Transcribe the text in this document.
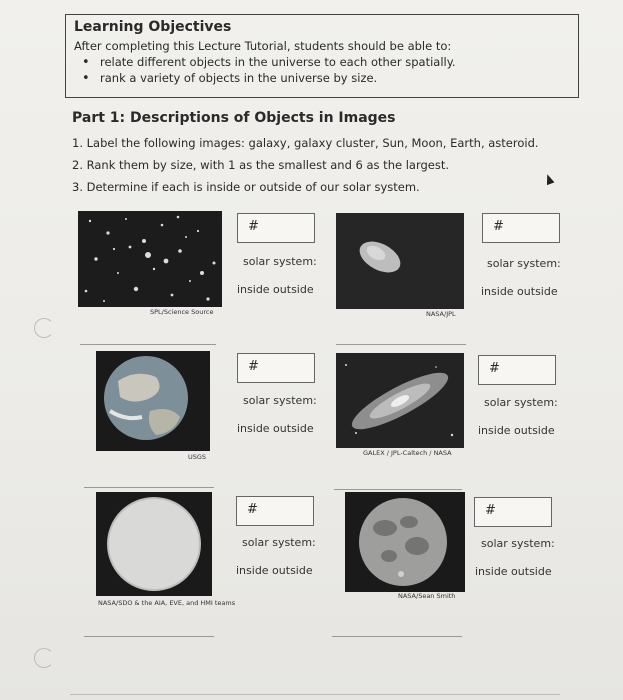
Learning Objectives

After completing this Lecture Tutorial, students should be able to:

• relate different objects in the universe to each other spatially.
• rank a variety of objects in the universe by size.
Part 1: Descriptions of Objects in Images
1. Label the following images: galaxy, galaxy cluster, Sun, Moon, Earth, asteroid.
2. Rank them by size, with 1 as the smallest and 6 as the largest.
3. Determine if each is inside or outside of our solar system.
SPL/Science Source
#
solar system:
inside outside
NASA/JPL
#
solar system:
inside outside
USGS
#
solar system:
inside outside
GALEX / JPL-Caltech / NASA
#
solar system:
inside outside
NASA/SDO & the AIA, EVE, and HMI teams
#
solar system:
inside outside
NASA/Sean Smith
#
solar system:
inside outside
